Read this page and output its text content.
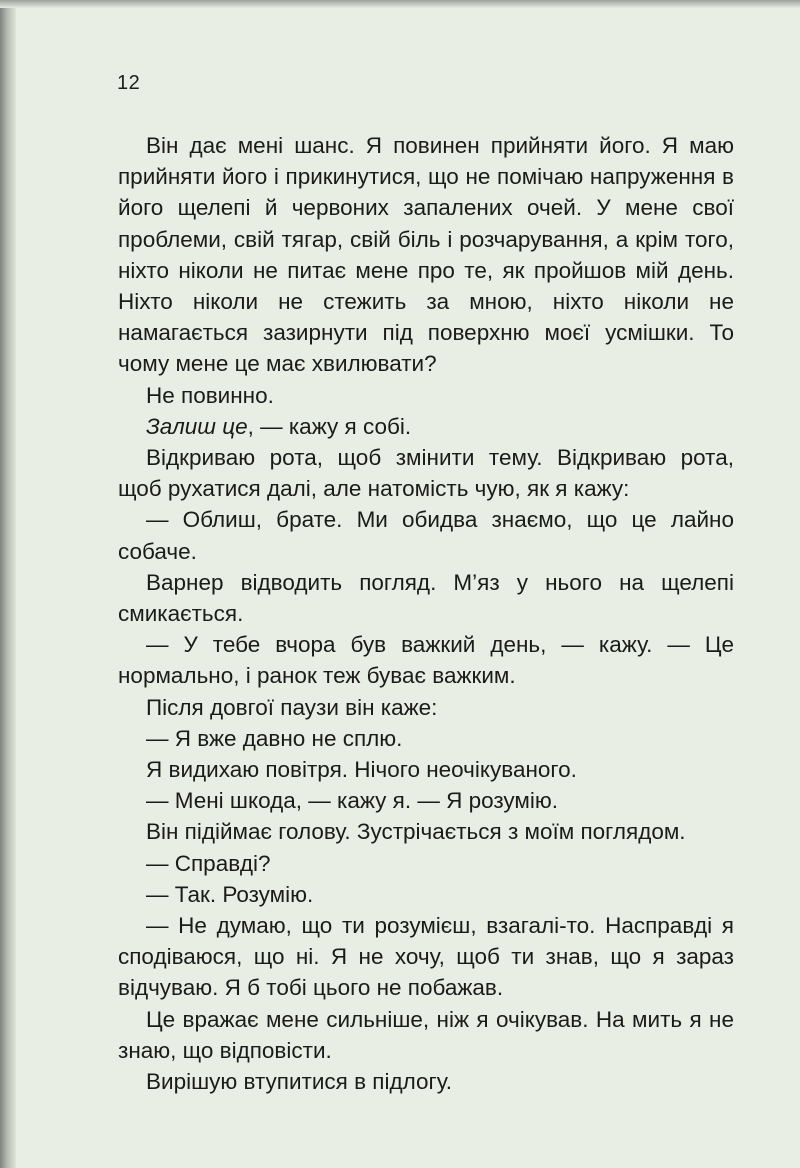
12

Він дає мені шанс. Я повинен прийняти його. Я маю прийняти його і прикинутися, що не помічаю напруження в його щелепі й червоних запалених очей. У мене свої проблеми, свій тягар, свій біль і розчарування, а крім того, ніхто ніколи не питає мене про те, як пройшов мій день. Ніхто ніколи не стежить за мною, ніхто ніколи не намагається зазирнути під поверхню моєї усмішки. То чому мене це має хвилювати?

Не повинно.

Залиш це, — кажу я собі.

Відкриваю рота, щоб змінити тему. Відкриваю рота, щоб рухатися далі, але натомість чую, як я кажу:

— Облиш, брате. Ми обидва знаємо, що це лайно собаче.

Варнер відводить погляд. М’яз у нього на щелепі смикається.

— У тебе вчора був важкий день, — кажу. — Це нормально, і ранок теж буває важким.

Після довгої паузи він каже:

— Я вже давно не сплю.

Я видихаю повітря. Нічого неочікуваного.

— Мені шкода, — кажу я. — Я розумію.

Він підіймає голову. Зустрічається з моїм поглядом.

— Справді?

— Так. Розумію.

— Не думаю, що ти розумієш, взагалі-то. Насправді я сподіваюся, що ні. Я не хочу, щоб ти знав, що я зараз відчуваю. Я б тобі цього не побажав.

Це вражає мене сильніше, ніж я очікував. На мить я не знаю, що відповісти.

Вирішую втупитися в підлогу.
